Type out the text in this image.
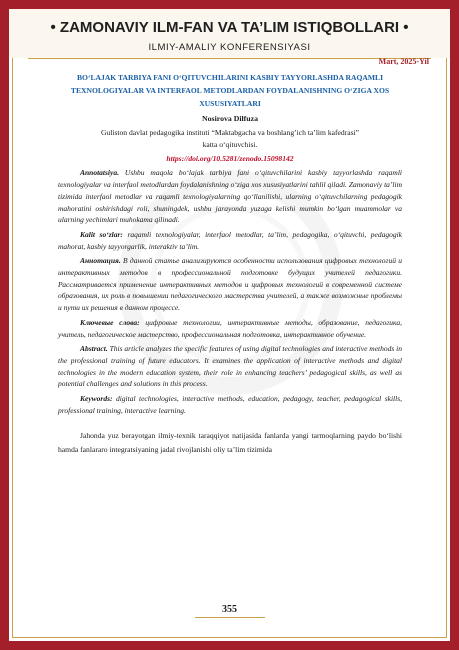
• ZAMONAVIY ILM-FAN VA TA’LIM ISTIQBOLLARI •
ILMIY-AMALIY KONFERENSIYASI
Mart, 2025-Yil
BO‘LAJAK TARBIYA FANI O‘QITUVCHILARINI KASBIY TAYYORLASHDA RAQAMLI TEXNOLOGIYALAR VA INTERFAOL METODLARDAN FOYDALANISHNING O‘ZIGA XOS XUSUSIYATLARI
Nosirova Dilfuza
Guliston davlat pedagogika instituti “Maktabgacha va boshlang’ich ta’lim kafedrasi”
katta o‘qituvchisi.
https://doi.org/10.5281/zenodo.15098142
Annotatsiya. Ushbu maqola bo‘lajak tarbiya fani o‘qituvchilarini kasbiy tayyorlashda raqamli texnologiyalar va interfaol metodlardan foydalanishning o‘ziga xos xususiyatlarini tahlil qiladi. Zamonaviy ta’lim tizimida interfaol metodlar va raqamli texnologiyalarning qo‘llanilishi, ularning o‘qituvchilarning pedagogik mahoratini oshirishdagi roli, shuningdek, ushbu jarayonda yuzaga kelishi mumkin bo‘lgan muammolar va ularning yechimlari muhokama qilinadi.
Kalit so‘zlar: raqamli texnologiyalar, interfaol metodlar, ta’lim, pedagogika, o‘qituvchi, pedagogik mahorat, kasbiy tayyorgarlik, interaktiv ta’lim.
Аннотация. В данной статье анализируются особенности использования цифровых технологий и интерактивных методов в профессиональной подготовке будущих учителей педагогики. Рассматривается применение интерактивных методов и цифровых технологий в современной системе образования, их роль в повышении педагогического мастерства учителей, а также возможные проблемы и пути их решения в данном процессе.
Ключевые слова: цифровые технологии, интерактивные методы, образование, педагогика, учитель, педагогическое мастерство, профессиональная подготовка, интерактивное обучение.
Abstract. This article analyzes the specific features of using digital technologies and interactive methods in the professional training of future educators. It examines the application of interactive methods and digital technologies in the modern education system, their role in enhancing teachers’ pedagogical skills, as well as potential challenges and solutions in this process.
Keywords: digital technologies, interactive methods, education, pedagogy, teacher, pedagogical skills, professional training, interactive learning.
Jahonda yuz berayotgan ilmiy-texnik taraqqiyot natijasida fanlarda yangi tarmoqlarning paydo bo‘lishi hamda fanlararo integratsiyaning jadal rivojlanishi oliy ta’lim tizimida
355
